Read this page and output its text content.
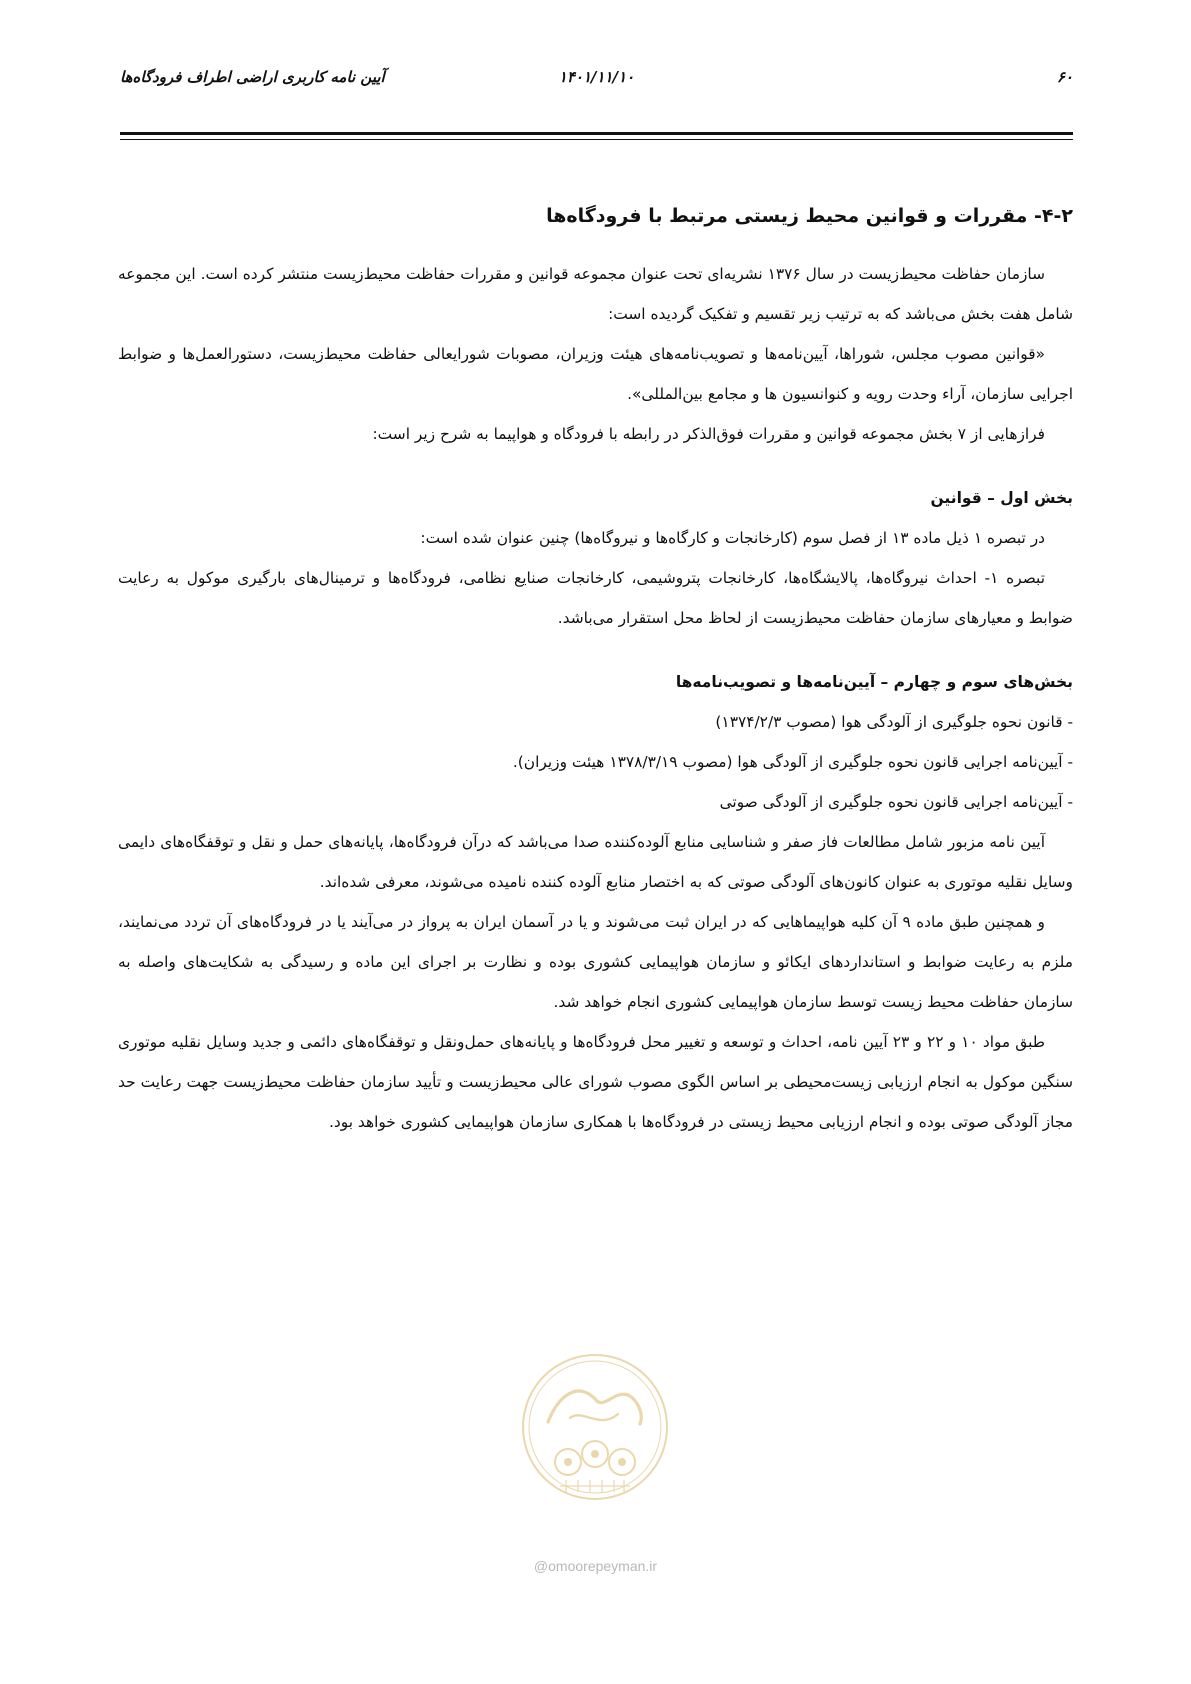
۶۰
۱۴۰۱/۱۱/۱۰
آیین نامه کاربری اراضی اطراف فرودگاه‌ها
۴-۲- مقررات و قوانین محیط زیستی مرتبط با فرودگاه‌ها

سازمان حفاظت محیط‌زیست در سال ۱۳۷۶ نشریه‌ای تحت عنوان مجموعه قوانین و مقررات حفاظت محیط‌زیست منتشر کرده است. این مجموعه شامل هفت بخش می‌باشد که به ترتیب زیر تقسیم و تفکیک گردیده است:

«قوانین مصوب مجلس، شوراها، آیین‌نامه‌ها و تصویب‌نامه‌های هیئت وزیران، مصوبات شورایعالی حفاظت محیط‌زیست، دستورالعمل‌ها و ضوابط اجرایی سازمان، آراء وحدت رویه و کنوانسیون ها و مجامع بین‌المللی».

فرازهایی از ۷ بخش مجموعه قوانین و مقررات فوق‌الذکر در رابطه با فرودگاه و هواپیما به شرح زیر است:

بخش اول – قوانین

در تبصره ۱ ذیل ماده ۱۳ از فصل سوم (کارخانجات و کارگاه‌ها و نیروگاه‌ها) چنین عنوان شده است:

تبصره ۱- احداث نیروگاه‌ها، پالایشگاه‌ها، کارخانجات پتروشیمی، کارخانجات صنایع نظامی، فرودگاه‌ها و ترمینال‌های بارگیری موکول به رعایت ضوابط و معیارهای سازمان حفاظت محیط‌زیست از لحاظ محل استقرار می‌باشد.

بخش‌های سوم و چهارم – آیین‌نامه‌ها و تصویب‌نامه‌ها

- قانون نحوه جلوگیری از آلودگی هوا (مصوب ۱۳۷۴/۲/۳)

- آیین‌نامه اجرایی قانون نحوه جلوگیری از آلودگی هوا (مصوب ۱۳۷۸/۳/۱۹ هیئت وزیران).

- آیین‌نامه اجرایی قانون نحوه جلوگیری از آلودگی صوتی

آیین نامه مزبور شامل مطالعات فاز صفر و شناسایی منابع آلوده‌کننده صدا می‌باشد که درآن فرودگاه‌ها، پایانه‌های حمل و نقل و توقفگاه‌های دایمی وسایل نقلیه موتوری به عنوان کانون‌های آلودگی صوتی که به اختصار منابع آلوده کننده نامیده می‌شوند، معرفی شده‌اند.

و همچنین طبق ماده ۹ آن کلیه هواپیماهایی که در ایران ثبت می‌شوند و یا در آسمان ایران به پرواز در می‌آیند یا در فرودگاه‌های آن تردد می‌نمایند، ملزم به رعایت ضوابط و استانداردهای ایکائو و سازمان هواپیمایی کشوری بوده و نظارت بر اجرای این ماده و رسیدگی به شکایت‌های واصله به سازمان حفاظت محیط زیست توسط سازمان هواپیمایی کشوری انجام خواهد شد.

طبق مواد ۱۰ و ۲۲ و ۲۳ آیین نامه، احداث و توسعه و تغییر محل فرودگاه‌ها و پایانه‌های حمل‌ونقل و توقفگاه‌های دائمی و جدید وسایل نقلیه موتوری سنگین موکول به انجام ارزیابی زیست‌محیطی بر اساس الگوی مصوب شورای عالی محیط‌زیست و تأیید سازمان حفاظت محیط‌زیست جهت رعایت حد مجاز آلودگی صوتی بوده و انجام ارزیابی محیط زیستی در فرودگاه‌ها با همکاری سازمان هواپیمایی کشوری خواهد بود.

@omoorepeyman.ir
